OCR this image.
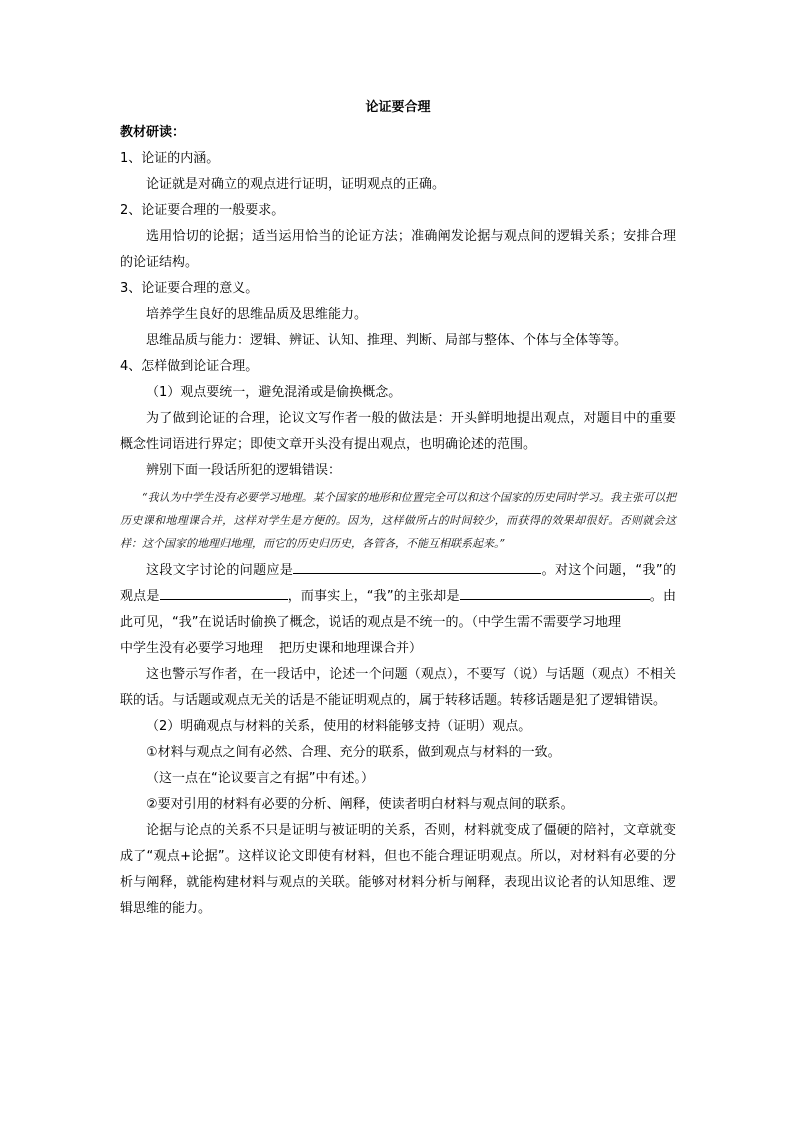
论证要合理
教材研读：

1、论证的内涵。

论证就是对确立的观点进行证明，证明观点的正确。

2、论证要合理的一般要求。

选用恰切的论据；适当运用恰当的论证方法；准确阐发论据与观点间的逻辑关系；安排合理的论证结构。

3、论证要合理的意义。

培养学生良好的思维品质及思维能力。

思维品质与能力：逻辑、辨证、认知、推理、判断、局部与整体、个体与全体等等。

4、怎样做到论证合理。

（1）观点要统一，避免混淆或是偷换概念。

为了做到论证的合理，论议文写作者一般的做法是：开头鲜明地提出观点，对题目中的重要概念性词语进行界定；即使文章开头没有提出观点，也明确论述的范围。

辨别下面一段话所犯的逻辑错误：

“我认为中学生没有必要学习地理。某个国家的地形和位置完全可以和这个国家的历史同时学习。我主张可以把历史课和地理课合并，这样对学生是方便的。因为，这样做所占的时间较少，而获得的效果却很好。否则就会这样：这个国家的地理归地理，而它的历史归历史，各管各，不能互相联系起来。”

这段文字讨论的问题应是	。对这个问题，“我”的观点是	，而事实上，“我”的主张却是	。由此可见，“我”在说话时偷换了概念，说话的观点是不统一的。（中学生需不需要学习地理

中学生没有必要学习地理 把历史课和地理课合并）

这也警示写作者，在一段话中，论述一个问题（观点），不要写（说）与话题（观点）不相关联的话。与话题或观点无关的话是不能证明观点的，属于转移话题。转移话题是犯了逻辑错误。

（2）明确观点与材料的关系，使用的材料能够支持（证明）观点。

①材料与观点之间有必然、合理、充分的联系，做到观点与材料的一致。

（这一点在“论议要言之有据”中有述。）

②要对引用的材料有必要的分析、阐释，使读者明白材料与观点间的联系。

论据与论点的关系不只是证明与被证明的关系，否则，材料就变成了僵硬的陪衬，文章就变成了“观点+论据”。这样议论文即使有材料，但也不能合理证明观点。所以，对材料有必要的分析与阐释，就能构建材料与观点的关联。能够对材料分析与阐释，表现出议论者的认知思维、逻辑思维的能力。
